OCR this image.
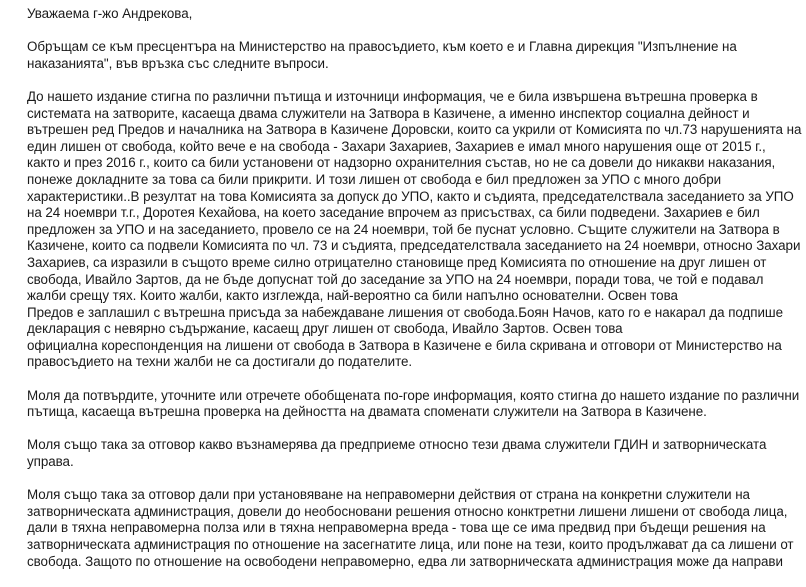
Уважаема г-жо Андрекова,

Обръщам се към пресцентъра на Министерство на правосъдието, към което е и Главна дирекция "Изпълнение на
наказанията", във връзка със следните въпроси.

До нашето издание стигна по различни пътища и източници информация, че е била извършена вътрешна проверка в
системата на затворите, касаеща двама служители на Затвора в Казичене, а именно инспектор социална дейност и
вътрешен ред Предов и началника на Затвора в Казичене Доровски, които са укрили от Комисията по чл.73 нарушенията на
един лишен от свобода, който вече е на свобода - Захари Захариев, Захариев е имал много нарушения още от 2015 г.,
както и през 2016 г., които са били установени от надзорно охранителния състав, но не са довели до никакви наказания,
понеже докладните за това са били прикрити. И този лишен от свобода е бил предложен за УПО с много добри
характеристики..В резултат на това Комисията за допуск до УПО, както и съдията, председателствала заседанието за УПО
на 24 ноември т.г., Доротея Кехайова, на което заседание впрочем аз присъствах, са били подведени. Захариев е бил
предложен за УПО и на заседанието, провело се на 24 ноември, той бе пуснат условно. Същите служители на Затвора в
Казичене, които са подвели Комисията по чл. 73 и съдията, председателствала заседанието на 24 ноември, относно Захари
Захариев, са изразили в същото време силно отрицателно становище пред Комисията по отношение на друг лишен от
свобода, Ивайло Зартов, да не бъде допуснат той до заседание за УПО на 24 ноември, поради това, че той е подавал
жалби срещу тях. Които жалби, както изглежда, най-вероятно са били напълно основателни. Освен това
Предов е заплашил с вътрешна присъда за набеждаване лишения от свобода.Боян Начов, като го е накарал да подпише
декларация с невярно съдържание, касаещ друг лишен от свобода, Ивайло Зартов. Освен това
официална кореспонденция на лишени от свобода в Затвора в Казичене е била скривана и отговори от Министерство на
правосъдието на техни жалби не са достигали до подателите.

Моля да потвърдите, уточните или отречете обобщената по-горе информация, която стигна до нашето издание по различни
пътища, касаеща вътрешна проверка на дейността на двамата споменати служители на Затвора в Казичене.

Моля също така за отговор какво възнамерява да предприеме относно тези двама служители ГДИН и затворническата
управа.

Моля също така за отговор дали при установяване на неправомерни действия от страна на конкретни служители на
затворническата администрация, довели до необосновани решения относно конктретни лишени лишени от свобода лица,
дали в тяхна неправомерна полза или в тяхна неправомерна вреда - това ще се има предвид при бъдещи решения на
затворническата администрация по отношение на засегнатите лица, или поне на тези, които продължават да са лишени от
свобода. Защото по отношение на освободени неправомерно, едва ли затворническата администрация може да направи
